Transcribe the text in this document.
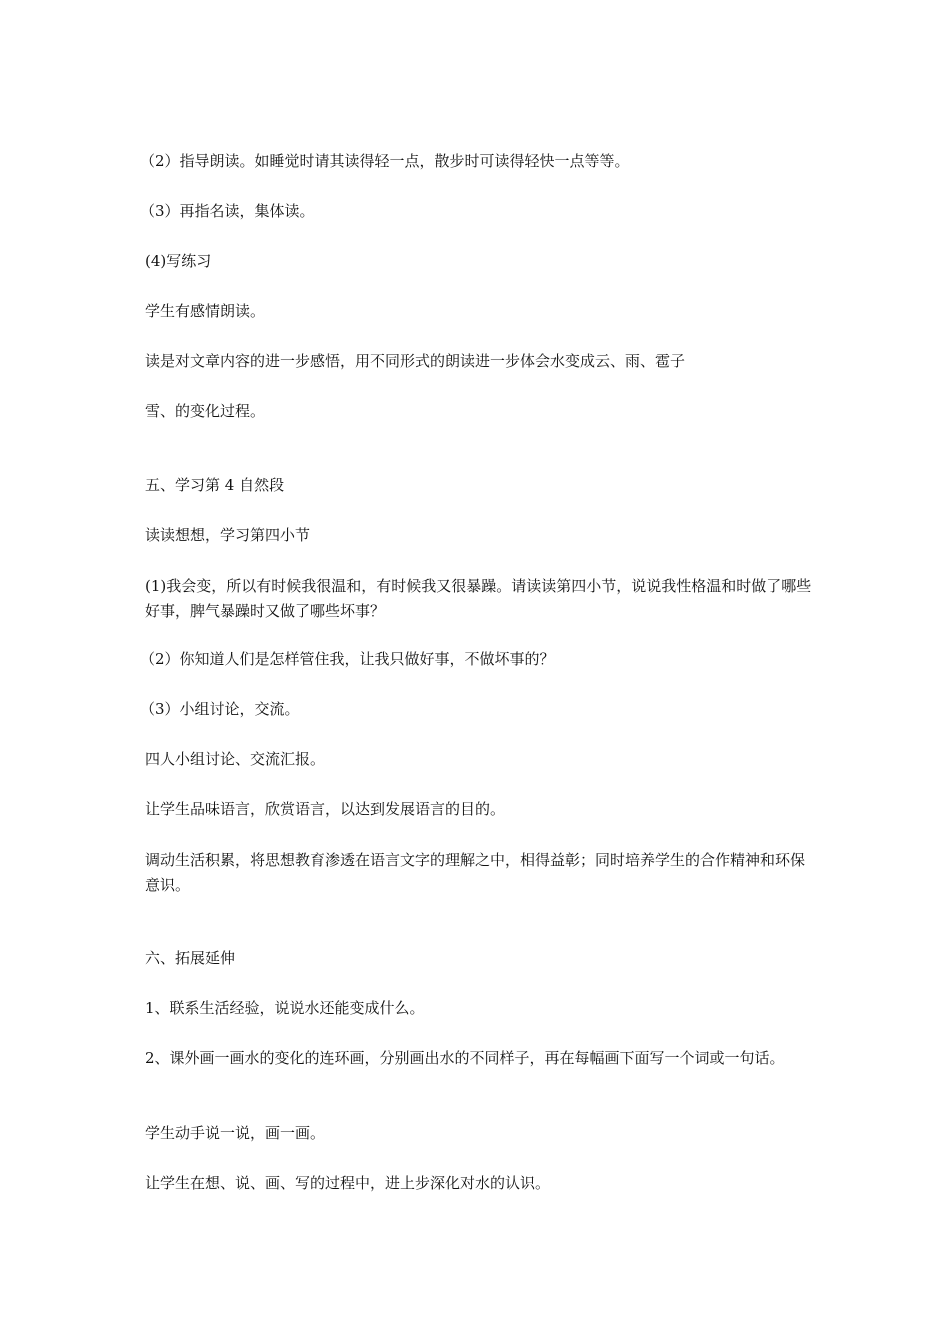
（2）指导朗读。如睡觉时请其读得轻一点，散步时可读得轻快一点等等。
（3）再指名读，集体读。
(4)写练习
学生有感情朗读。
读是对文章内容的进一步感悟，用不同形式的朗读进一步体会水变成云、雨、雹子
雪、的变化过程。
五、学习第 4 自然段
读读想想，学习第四小节
(1)我会变，所以有时候我很温和，有时候我又很暴躁。请读读第四小节，说说我性格温和时做了哪些好事，脾气暴躁时又做了哪些坏事？
（2）你知道人们是怎样管住我，让我只做好事，不做坏事的？
（3）小组讨论，交流。
四人小组讨论、交流汇报。
让学生品味语言，欣赏语言，以达到发展语言的目的。
调动生活积累，将思想教育渗透在语言文字的理解之中，相得益彰；同时培养学生的合作精神和环保意识。
六、拓展延伸
1、联系生活经验，说说水还能变成什么。
2、课外画一画水的变化的连环画，分别画出水的不同样子，再在每幅画下面写一个词或一句话。
学生动手说一说，画一画。
让学生在想、说、画、写的过程中，进上步深化对水的认识。
